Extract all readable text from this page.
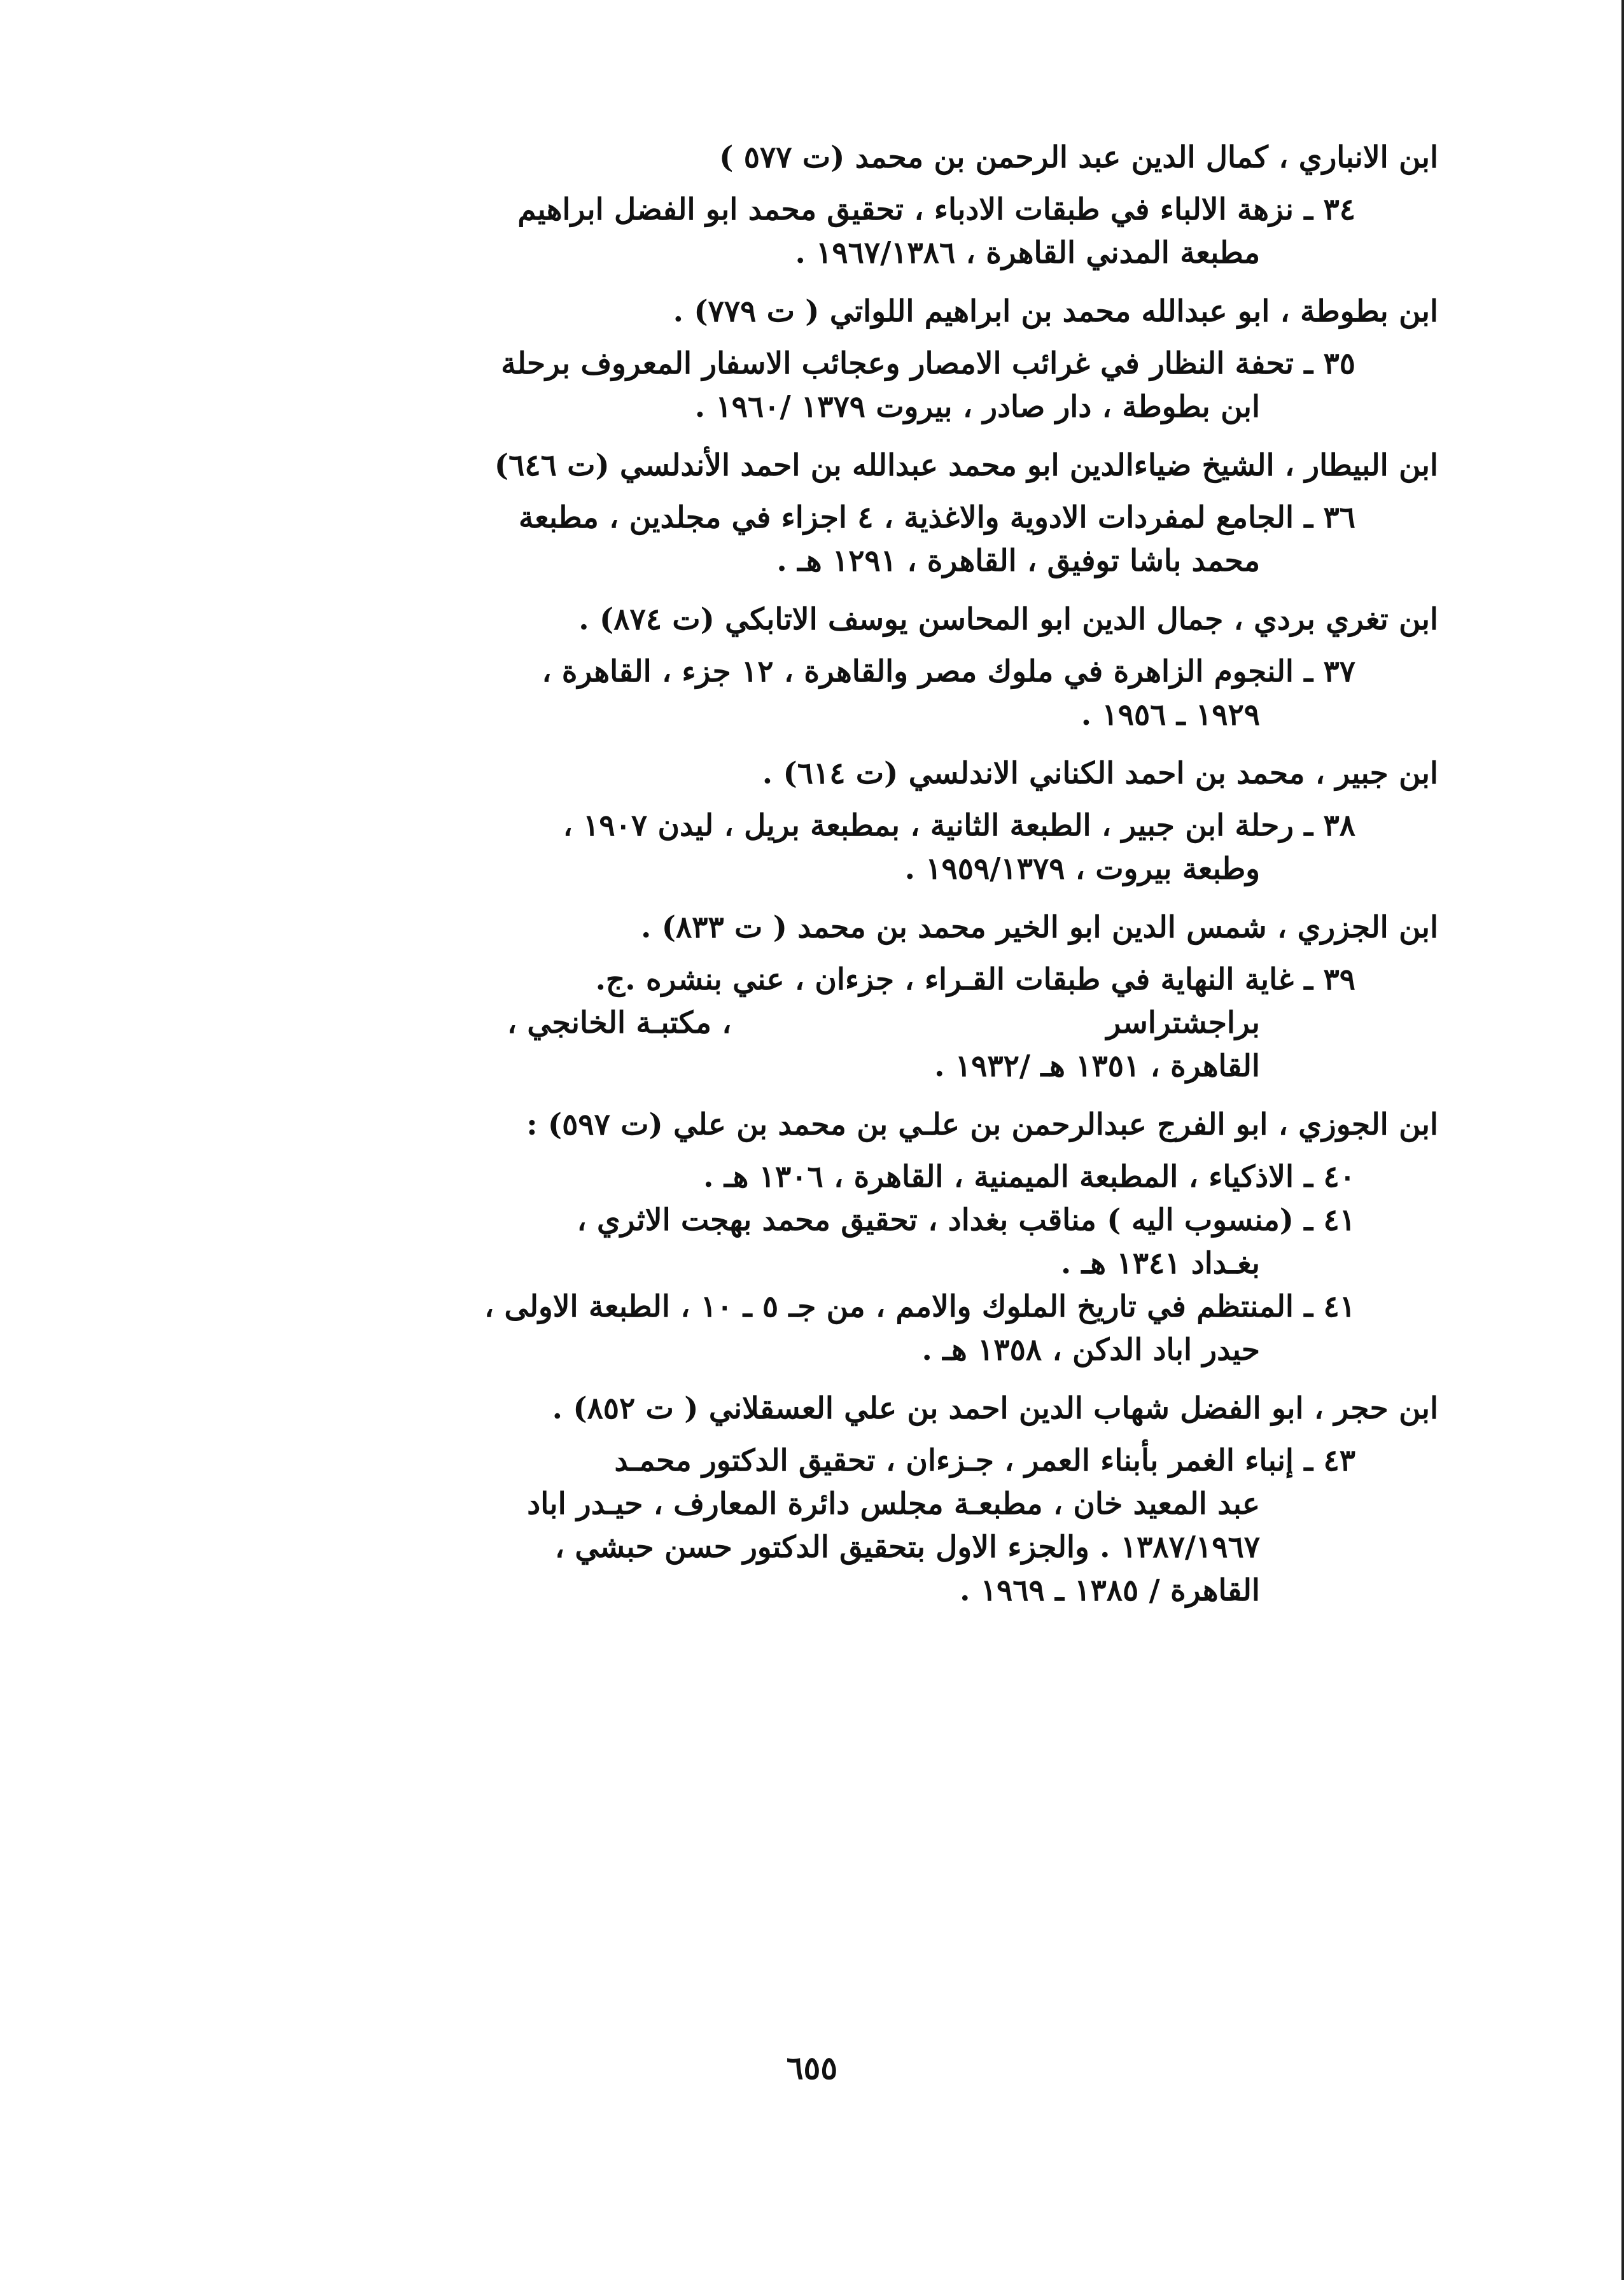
ابن الانباري ، كمال الدين عبد الرحمن بن محمد (ت ٥٧٧ )
٣٤ ـ نزهة الالباء في طبقات الادباء ، تحقيق محمد ابو الفضل ابراهيم
مطبعة المدني القاهرة ، ١٩٦٧/١٣٨٦ .
ابن بطوطة ، ابو عبدالله محمد بن ابراهيم اللواتي ( ت ٧٧٩) .
٣٥ ـ تحفة النظار في غرائب الامصار وعجائب الاسفار المعروف برحلة
ابن بطوطة ، دار صادر ، بيروت ١٣٧٩ /١٩٦٠ .
ابن البيطار ، الشيخ ضياءالدين ابو محمد عبدالله بن احمد الأندلسي (ت ٦٤٦)
٣٦ ـ الجامع لمفردات الادوية والاغذية ، ٤ اجزاء في مجلدين ، مطبعة
محمد باشا توفيق ، القاهرة ، ١٢٩١ هـ .
ابن تغري بردي ، جمال الدين ابو المحاسن يوسف الاتابكي (ت ٨٧٤) .
٣٧ ـ النجوم الزاهرة في ملوك مصر والقاهرة ، ١٢ جزء ، القاهرة ،
١٩٢٩ ـ ١٩٥٦ .
ابن جبير ، محمد بن احمد الكناني الاندلسي (ت ٦١٤) .
٣٨ ـ رحلة ابن جبير ، الطبعة الثانية ، بمطبعة بريل ، ليدن ١٩٠٧ ،
وطبعة بيروت ، ١٩٥٩/١٣٧٩ .
ابن الجزري ، شمس الدين ابو الخير محمد بن محمد ( ت ٨٣٣) .
٣٩ ـ غاية النهاية في طبقات القـراء ، جزءان ، عني بنشره .ج.
براجشتراسر                                    ، مكتبـة الخانجي ،
القاهرة ، ١٣٥١ هـ /١٩٣٢ .
ابن الجوزي ، ابو الفرج عبدالرحمن بن علـي بن محمد بن علي (ت ٥٩٧) :
٤٠ ـ الاذكياء ، المطبعة الميمنية ، القاهرة ، ١٣٠٦ هـ .
٤١ ـ (منسوب اليه ) مناقب بغداد ، تحقيق محمد بهجت الاثري ،
بغـداد ١٣٤١ هـ .
٤١ ـ المنتظم في تاريخ الملوك والامم ، من جـ ٥ ـ ١٠ ، الطبعة الاولى ،
حيدر اباد الدكن ، ١٣٥٨ هـ .
ابن حجر ، ابو الفضل شهاب الدين احمد بن علي العسقلاني ( ت ٨٥٢) .
٤٣ ـ إنباء الغمر بأبناء العمر ، جـزءان ، تحقيق الدكتور محمـد
عبد المعيد خان ، مطبعـة مجلس دائرة المعارف ، حيـدر اباد
١٣٨٧/١٩٦٧ . والجزء الاول بتحقيق الدكتور حسن حبشي ،
القاهرة / ١٣٨٥ ـ ١٩٦٩ .
٦٥٥
